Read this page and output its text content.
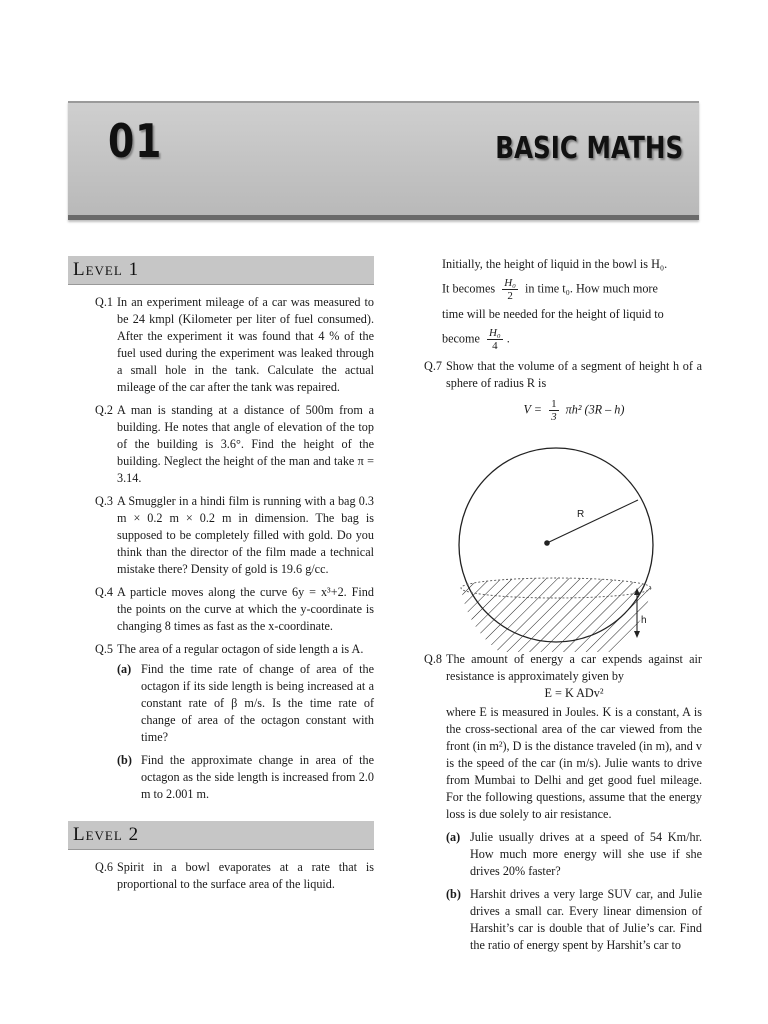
01	BASIC MATHS
Level 1
Q.1 In an experiment mileage of a car was measured to be 24 kmpl (Kilometer per liter of fuel consumed). After the experiment it was found that 4 % of the fuel used during the experiment was leaked through a small hole in the tank. Calculate the actual mileage of the car after the tank was repaired.
Q.2 A man is standing at a distance of 500m from a building. He notes that angle of elevation of the top of the building is 3.6°. Find the height of the building. Neglect the height of the man and take π = 3.14.
Q.3 A Smuggler in a hindi film is running with a bag 0.3 m × 0.2 m × 0.2 m in dimension. The bag is supposed to be completely filled with gold. Do you think than the director of the film made a technical mistake there? Density of gold is 19.6 g/cc.
Q.4 A particle moves along the curve 6y = x³+2. Find the points on the curve at which the y-coordinate is changing 8 times as fast as the x-coordinate.
Q.5 The area of a regular octagon of side length a is A.
(a) Find the time rate of change of area of the octagon if its side length is being increased at a constant rate of β m/s. Is the time rate of change of area of the octagon constant with time?
(b) Find the approximate change in area of the octagon as the side length is increased from 2.0 m to 2.001 m.
Level 2
Q.6 Spirit in a bowl evaporates at a rate that is proportional to the surface area of the liquid.
Initially, the height of liquid in the bowl is H₀.
It becomes $\frac{\text{H₀}}{2}$ in time t₀. How much more
time will be needed for the height of liquid to
become $\frac{\text{H₀}}{4}$ .
Q.7 Show that the volume of a segment of height h of a sphere of radius R is
$V = \frac{1}{3} \pi h^2$ (3R – h)
R
h
Q.8 The amount of energy a car expends against air resistance is approximately given by
E = K ADv²
where E is measured in Joules. K is a constant, A is the cross-sectional area of the car viewed from the front (in m²), D is the distance traveled (in m), and v is the speed of the car (in m/s). Julie wants to drive from Mumbai to Delhi and get good fuel mileage. For the following questions, assume that the energy loss is due solely to air resistance.
(a) Julie usually drives at a speed of 54 Km/hr. How much more energy will she use if she drives 20% faster?
(b) Harshit drives a very large SUV car, and Julie drives a small car. Every linear dimension of Harshit’s car is double that of Julie’s car. Find the ratio of energy spent by Harshit’s car to
